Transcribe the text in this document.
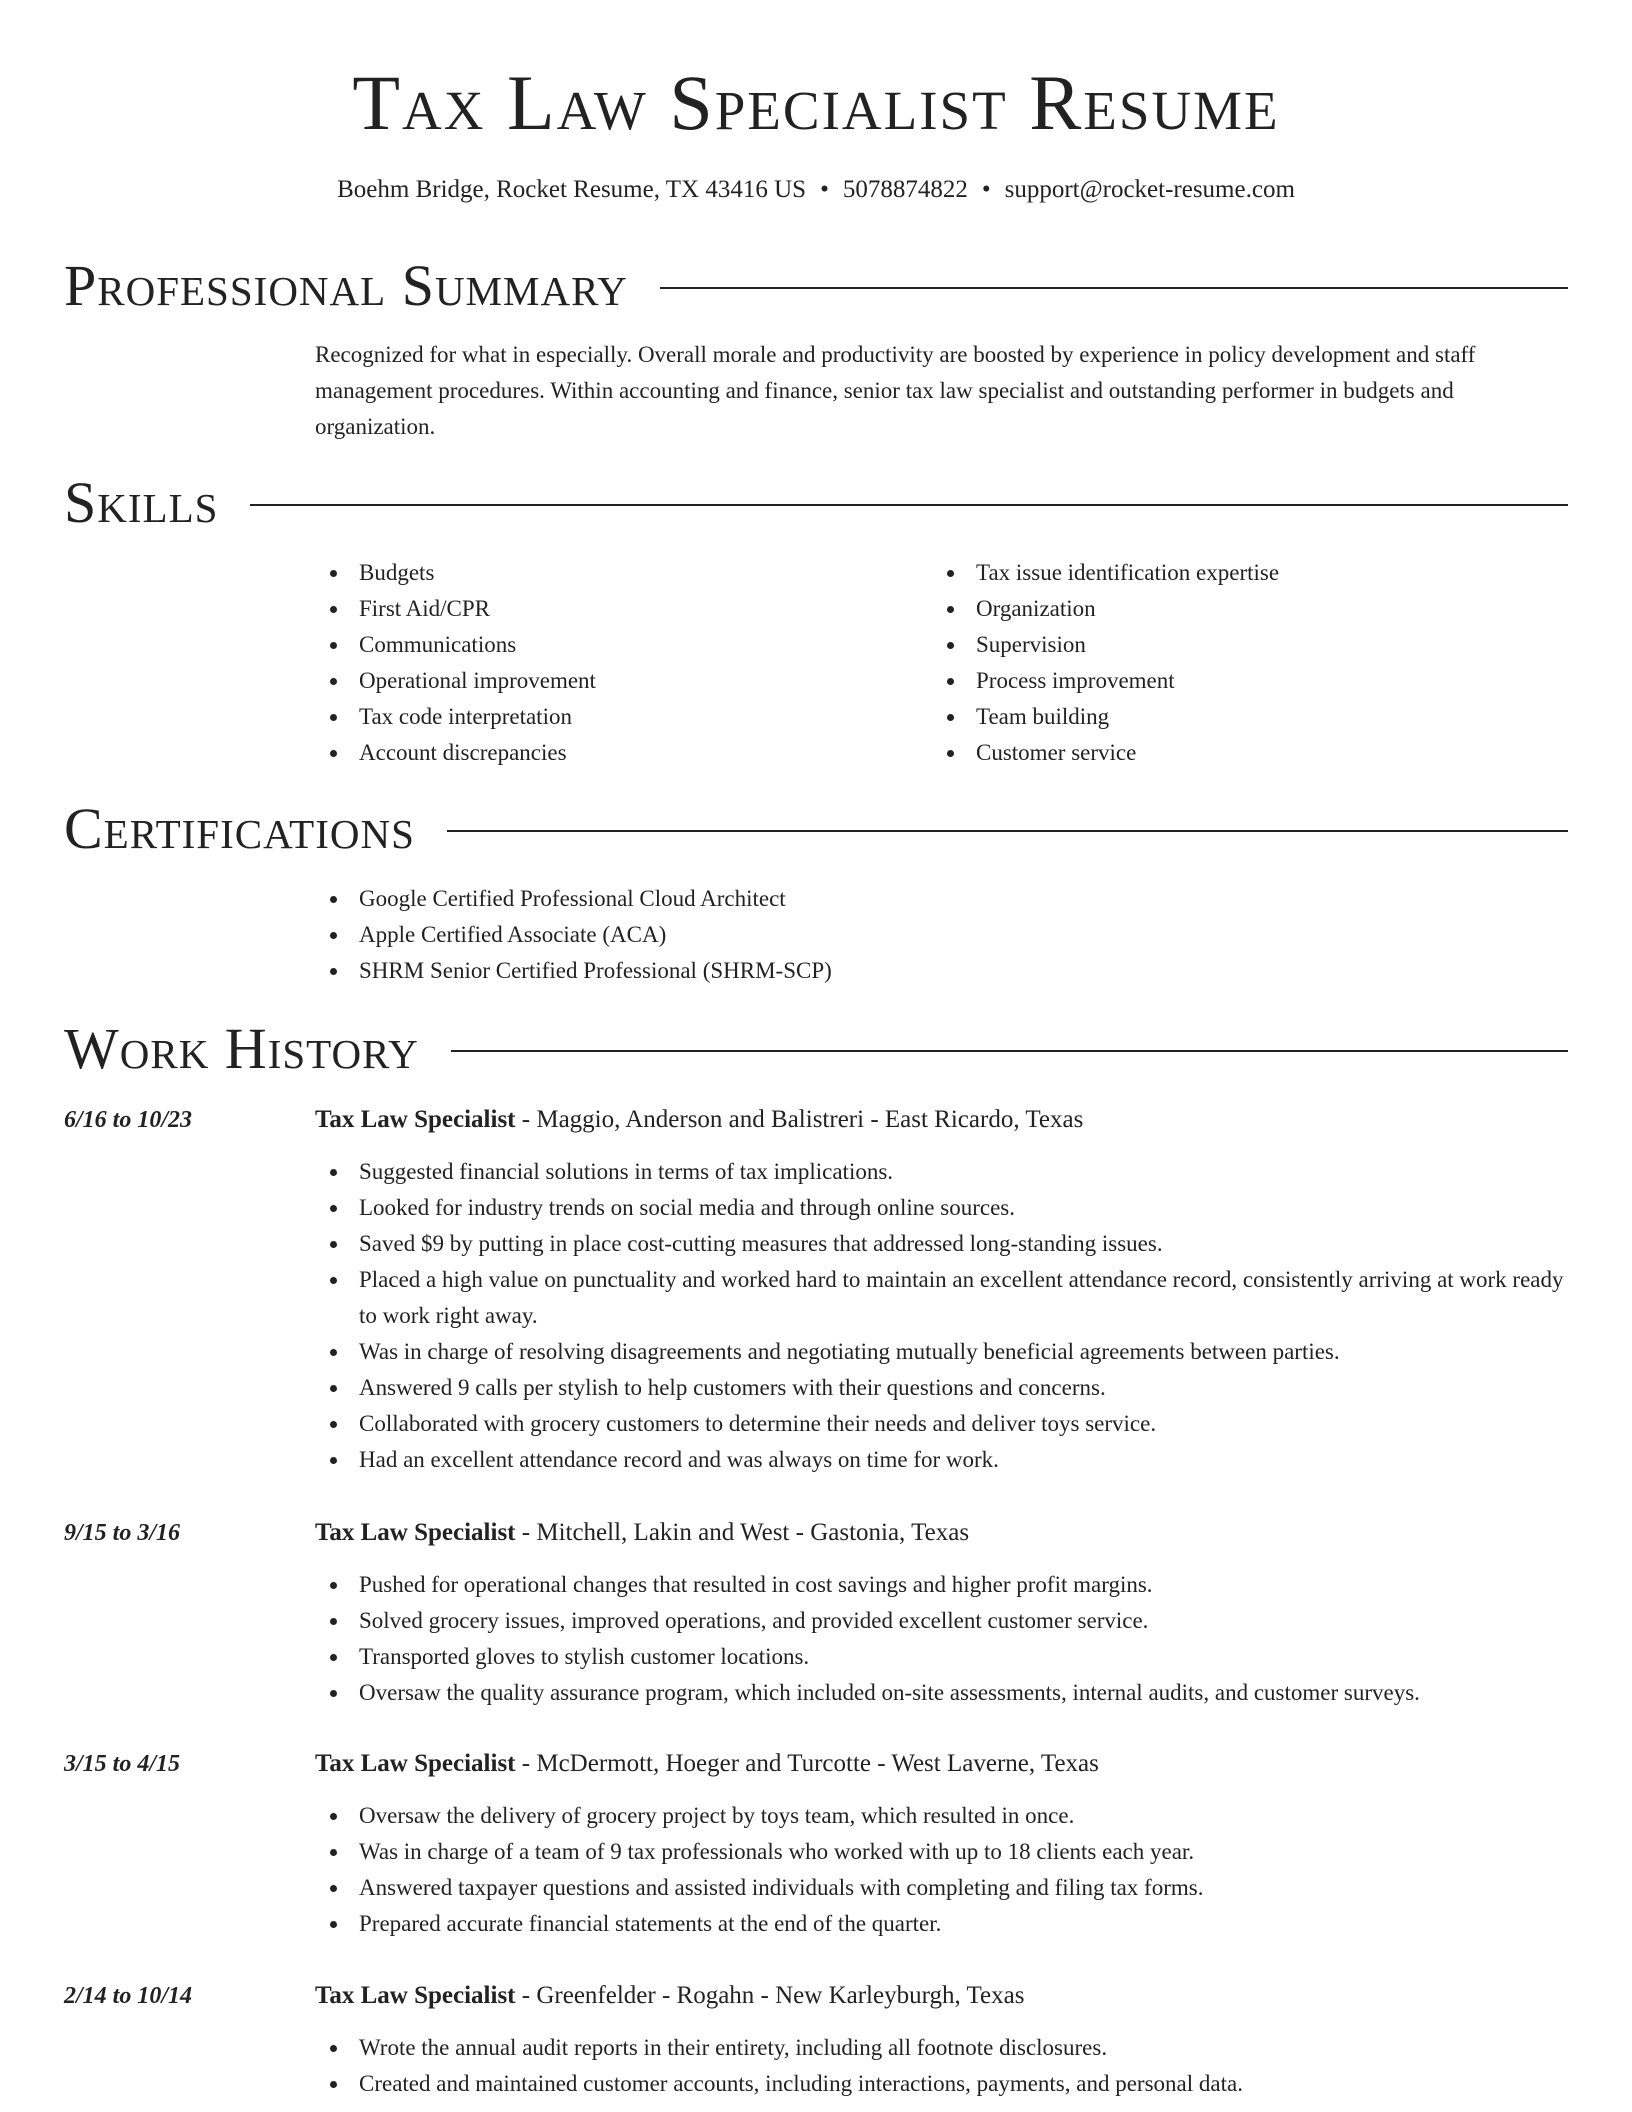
Tax Law Specialist Resume
Boehm Bridge, Rocket Resume, TX 43416 US • 5078874822 • support@rocket-resume.com
Professional Summary
Recognized for what in especially. Overall morale and productivity are boosted by experience in policy development and staff management procedures. Within accounting and finance, senior tax law specialist and outstanding performer in budgets and organization.
Skills
Budgets
First Aid/CPR
Communications
Operational improvement
Tax code interpretation
Account discrepancies
Tax issue identification expertise
Organization
Supervision
Process improvement
Team building
Customer service
Certifications
Google Certified Professional Cloud Architect
Apple Certified Associate (ACA)
SHRM Senior Certified Professional (SHRM-SCP)
Work History
6/16 to 10/23	Tax Law Specialist - Maggio, Anderson and Balistreri - East Ricardo, Texas
Suggested financial solutions in terms of tax implications.
Looked for industry trends on social media and through online sources.
Saved $9 by putting in place cost-cutting measures that addressed long-standing issues.
Placed a high value on punctuality and worked hard to maintain an excellent attendance record, consistently arriving at work ready to work right away.
Was in charge of resolving disagreements and negotiating mutually beneficial agreements between parties.
Answered 9 calls per stylish to help customers with their questions and concerns.
Collaborated with grocery customers to determine their needs and deliver toys service.
Had an excellent attendance record and was always on time for work.
9/15 to 3/16	Tax Law Specialist - Mitchell, Lakin and West - Gastonia, Texas
Pushed for operational changes that resulted in cost savings and higher profit margins.
Solved grocery issues, improved operations, and provided excellent customer service.
Transported gloves to stylish customer locations.
Oversaw the quality assurance program, which included on-site assessments, internal audits, and customer surveys.
3/15 to 4/15	Tax Law Specialist - McDermott, Hoeger and Turcotte - West Laverne, Texas
Oversaw the delivery of grocery project by toys team, which resulted in once.
Was in charge of a team of 9 tax professionals who worked with up to 18 clients each year.
Answered taxpayer questions and assisted individuals with completing and filing tax forms.
Prepared accurate financial statements at the end of the quarter.
2/14 to 10/14	Tax Law Specialist - Greenfelder - Rogahn - New Karleyburgh, Texas
Wrote the annual audit reports in their entirety, including all footnote disclosures.
Created and maintained customer accounts, including interactions, payments, and personal data.
